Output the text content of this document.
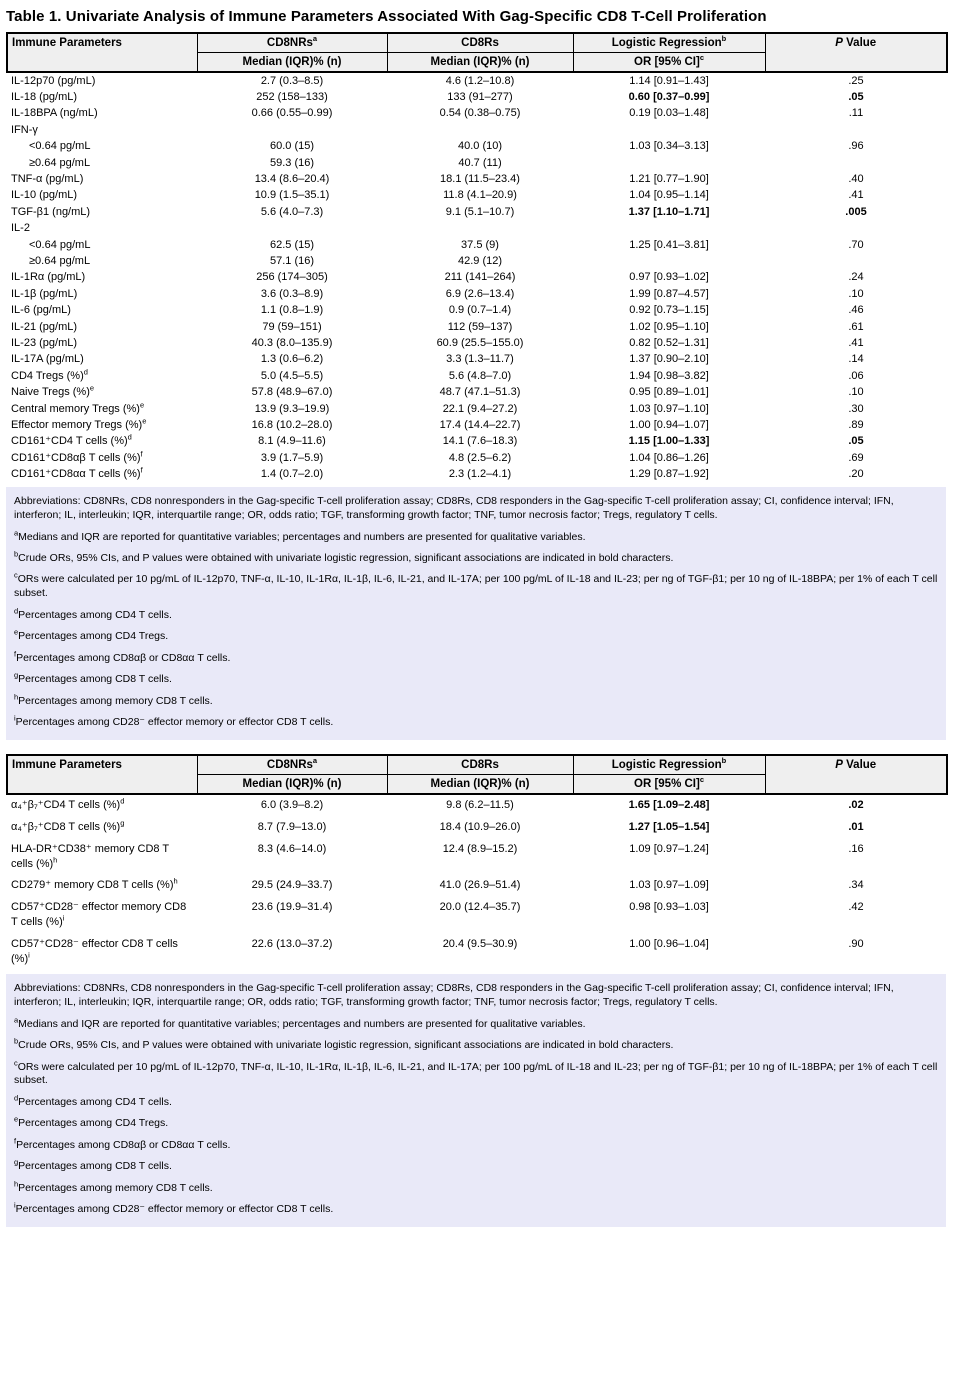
Table 1. Univariate Analysis of Immune Parameters Associated With Gag-Specific CD8 T-Cell Proliferation
Immune Parameters	CD8NRs$^a$	CD8Rs	Logistic Regression$^b$	P Value
	Median (IQR)% (n)	Median (IQR)% (n)	OR [95% CI]$^c$
IL-12p70 (pg/mL)	2.7 (0.3–8.5)	4.6 (1.2–10.8)	1.14 [0.91–1.43]	.25
IL-18 (pg/mL)	252 (158–133)	133 (91–277)	0.60 [0.37–0.99]	.05
IL-18BPA (ng/mL)	0.66 (0.55–0.99)	0.54 (0.38–0.75)	0.19 [0.03–1.48]	.11
IFN-γ				
<0.64 pg/mL	60.0 (15)	40.0 (10)	1.03 [0.34–3.13]	.96
≥0.64 pg/mL	59.3 (16)	40.7 (11)		
TNF-α (pg/mL)	13.4 (8.6–20.4)	18.1 (11.5–23.4)	1.21 [0.77–1.90]	.40
IL-10 (pg/mL)	10.9 (1.5–35.1)	11.8 (4.1–20.9)	1.04 [0.95–1.14]	.41
TGF-β1 (ng/mL)	5.6 (4.0–7.3)	9.1 (5.1–10.7)	1.37 [1.10–1.71]	.005
IL-2				
<0.64 pg/mL	62.5 (15)	37.5 (9)	1.25 [0.41–3.81]	.70
≥0.64 pg/mL	57.1 (16)	42.9 (12)		
IL-1Rα (pg/mL)	256 (174–305)	211 (141–264)	0.97 [0.93–1.02]	.24
IL-1β (pg/mL)	3.6 (0.3–8.9)	6.9 (2.6–13.4)	1.99 [0.87–4.57]	.10
IL-6 (pg/mL)	1.1 (0.8–1.9)	0.9 (0.7–1.4)	0.92 [0.73–1.15]	.46
IL-21 (pg/mL)	79 (59–151)	112 (59–137)	1.02 [0.95–1.10]	.61
IL-23 (pg/mL)	40.3 (8.0–135.9)	60.9 (25.5–155.0)	0.82 [0.52–1.31]	.41
IL-17A (pg/mL)	1.3 (0.6–6.2)	3.3 (1.3–11.7)	1.37 [0.90–2.10]	.14
CD4 Tregs (%)$^d$	5.0 (4.5–5.5)	5.6 (4.8–7.0)	1.94 [0.98–3.82]	.06
Naive Tregs (%)$^e$	57.8 (48.9–67.0)	48.7 (47.1–51.3)	0.95 [0.89–1.01]	.10
Central memory Tregs (%)$^e$	13.9 (9.3–19.9)	22.1 (9.4–27.2)	1.03 [0.97–1.10]	.30
Effector memory Tregs (%)$^e$	16.8 (10.2–28.0)	17.4 (14.4–22.7)	1.00 [0.94–1.07]	.89
CD161⁺CD4 T cells (%)$^d$	8.1 (4.9–11.6)	14.1 (7.6–18.3)	1.15 [1.00–1.33]	.05
CD161⁺CD8αβ T cells (%)$^f$	3.9 (1.7–5.9)	4.8 (2.5–6.2)	1.04 [0.86–1.26]	.69
CD161⁺CD8αα T cells (%)$^f$	1.4 (0.7–2.0)	2.3 (1.2–4.1)	1.29 [0.87–1.92]	.20

Abbreviations: CD8NRs, CD8 nonresponders in the Gag-specific T-cell proliferation assay; CD8Rs, CD8 responders in the Gag-specific T-cell proliferation assay; CI, confidence interval; IFN, interferon; IL, interleukin; IQR, interquartile range; OR, odds ratio; TGF, transforming growth factor; TNF, tumor necrosis factor; Tregs, regulatory T cells.

$^a$Medians and IQR are reported for quantitative variables; percentages and numbers are presented for qualitative variables.

$^b$Crude ORs, 95% CIs, and P values were obtained with univariate logistic regression, significant associations are indicated in bold characters.

$^c$ORs were calculated per 10 pg/mL of IL-12p70, TNF-α, IL-10, IL-1Rα, IL-1β, IL-6, IL-21, and IL-17A; per 100 pg/mL of IL-18 and IL-23; per ng of TGF-β1; per 10 ng of IL-18BPA; per 1% of each T cell subset.

$^d$Percentages among CD4 T cells.

$^e$Percentages among CD4 Tregs.

$^f$Percentages among CD8αβ or CD8αα T cells.

$^g$Percentages among CD8 T cells.

$^h$Percentages among memory CD8 T cells.

$^i$Percentages among CD28⁻ effector memory or effector CD8 T cells.

Immune Parameters	CD8NRs$^a$	CD8Rs	Logistic Regression$^b$	P Value
	Median (IQR)% (n)	Median (IQR)% (n)	OR [95% CI]$^c$
α₄⁺β₇⁺CD4 T cells (%)$^d$	6.0 (3.9–8.2)	9.8 (6.2–11.5)	1.65 [1.09–2.48]	.02
α₄⁺β₇⁺CD8 T cells (%)$^g$	8.7 (7.9–13.0)	18.4 (10.9–26.0)	1.27 [1.05–1.54]	.01
HLA-DR⁺CD38⁺ memory CD8 T cells (%)$^h$	8.3 (4.6–14.0)	12.4 (8.9–15.2)	1.09 [0.97–1.24]	.16
CD279⁺ memory CD8 T cells (%)$^h$	29.5 (24.9–33.7)	41.0 (26.9–51.4)	1.03 [0.97–1.09]	.34
CD57⁺CD28⁻ effector memory CD8 T cells (%)$^i$	23.6 (19.9–31.4)	20.0 (12.4–35.7)	0.98 [0.93–1.03]	.42
CD57⁺CD28⁻ effector CD8 T cells (%)$^i$	22.6 (13.0–37.2)	20.4 (9.5–30.9)	1.00 [0.96–1.04]	.90

Abbreviations: CD8NRs, CD8 nonresponders in the Gag-specific T-cell proliferation assay; CD8Rs, CD8 responders in the Gag-specific T-cell proliferation assay; CI, confidence interval; IFN, interferon; IL, interleukin; IQR, interquartile range; OR, odds ratio; TGF, transforming growth factor; TNF, tumor necrosis factor; Tregs, regulatory T cells.

$^a$Medians and IQR are reported for quantitative variables; percentages and numbers are presented for qualitative variables.

$^b$Crude ORs, 95% CIs, and P values were obtained with univariate logistic regression, significant associations are indicated in bold characters.

$^c$ORs were calculated per 10 pg/mL of IL-12p70, TNF-α, IL-10, IL-1Rα, IL-1β, IL-6, IL-21, and IL-17A; per 100 pg/mL of IL-18 and IL-23; per ng of TGF-β1; per 10 ng of IL-18BPA; per 1% of each T cell subset.

$^d$Percentages among CD4 T cells.

$^e$Percentages among CD4 Tregs.

$^f$Percentages among CD8αβ or CD8αα T cells.

$^g$Percentages among CD8 T cells.

$^h$Percentages among memory CD8 T cells.

$^i$Percentages among CD28⁻ effector memory or effector CD8 T cells.
